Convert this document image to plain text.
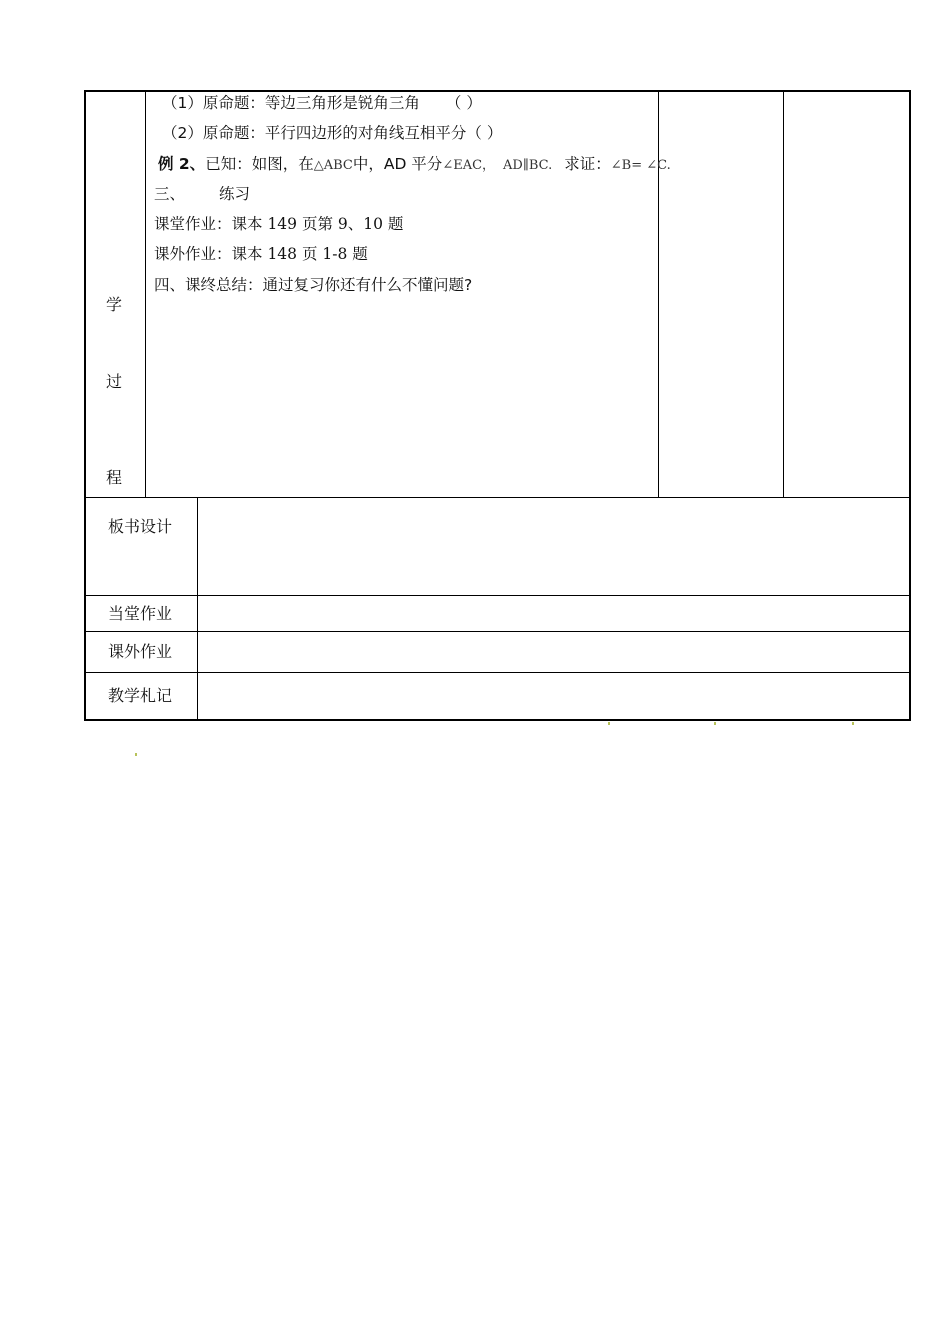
学
过
程
（1）原命题：等边三角形是锐角三角 （ ）
（2）原命题：平行四边形的对角线互相平分（ ）
例 2、已知：如图，在△ABC中，AD 平分∠EAC， AD∥BC. 求证：∠B= ∠C.
三、 练习
课堂作业：课本 149 页第 9、10 题
课外作业：课本 148 页 1-8 题
四、课终总结：通过复习你还有什么不懂问题?
板书设计
当堂作业
课外作业
教学札记
